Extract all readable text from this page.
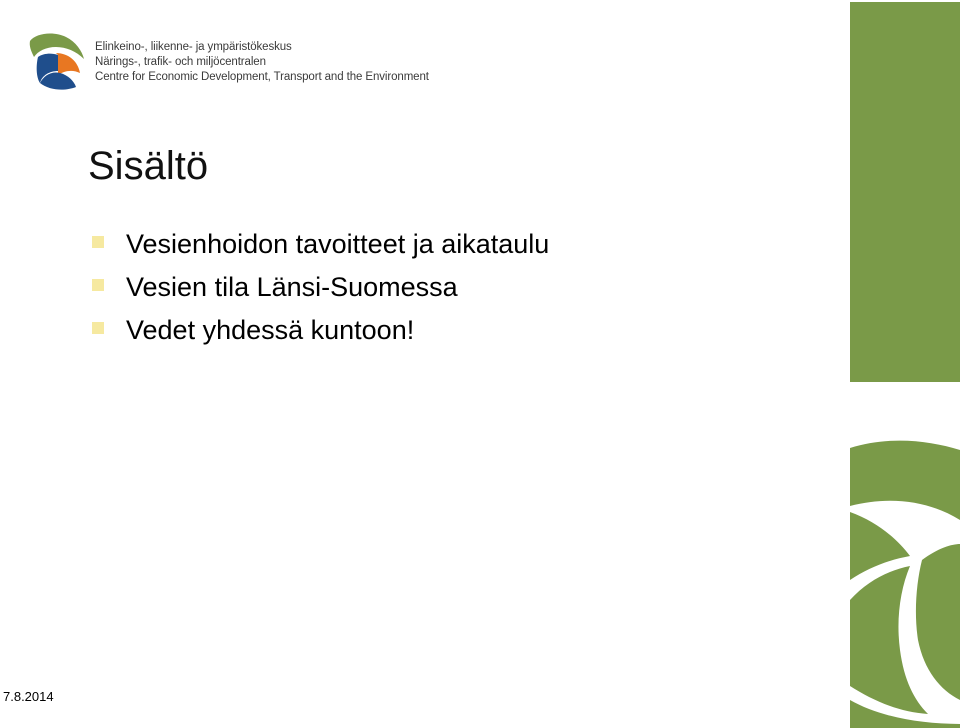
Elinkeino-, liikenne- ja ympäristökeskus
Närings-, trafik- och miljöcentralen
Centre for Economic Development, Transport and the Environment
Sisältö
Vesienhoidon tavoitteet ja aikataulu
Vesien tila Länsi-Suomessa
Vedet yhdessä kuntoon!
7.8.2014
